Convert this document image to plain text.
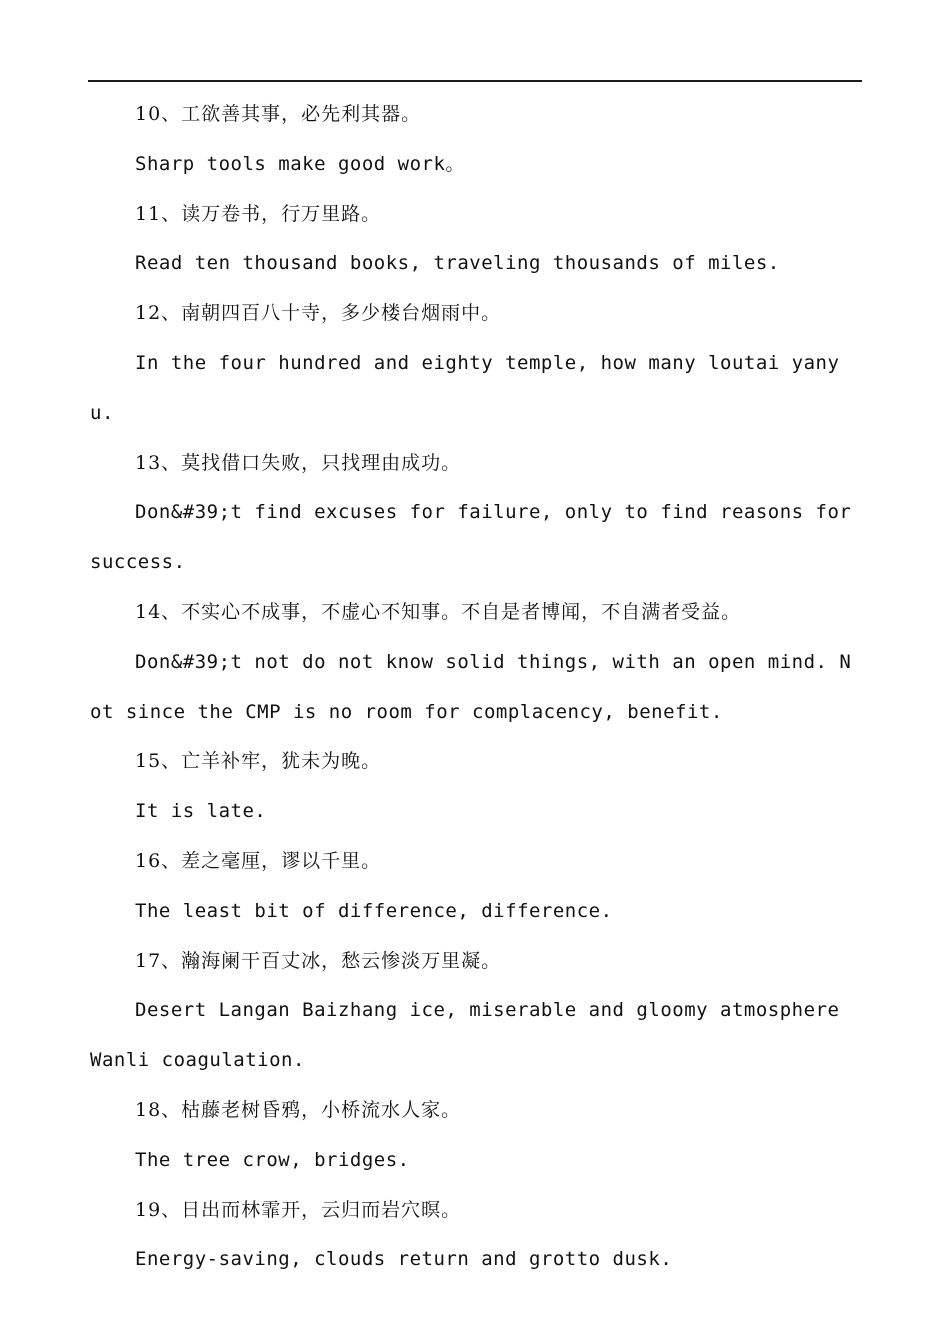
10、工欲善其事，必先利其器。

Sharp tools make good work。

11、读万卷书，行万里路。

Read ten thousand books, traveling thousands of miles.

12、南朝四百八十寺，多少楼台烟雨中。

In the four hundred and eighty temple, how many loutai yanyu.

13、莫找借口失败，只找理由成功。

Don&#39;t find excuses for failure, only to find reasons for success.

14、不实心不成事，不虚心不知事。不自是者博闻，不自满者受益。

Don&#39;t not do not know solid things, with an open mind. Not since the CMP is no room for complacency, benefit.

15、亡羊补牢，犹未为晚。

It is late.

16、差之毫厘，谬以千里。

The least bit of difference, difference.

17、瀚海阑干百丈冰，愁云惨淡万里凝。

Desert Langan Baizhang ice, miserable and gloomy atmosphere Wanli coagulation.

18、枯藤老树昏鸦，小桥流水人家。

The tree crow, bridges.

19、日出而林霏开，云归而岩穴暝。

Energy-saving, clouds return and grotto dusk.
